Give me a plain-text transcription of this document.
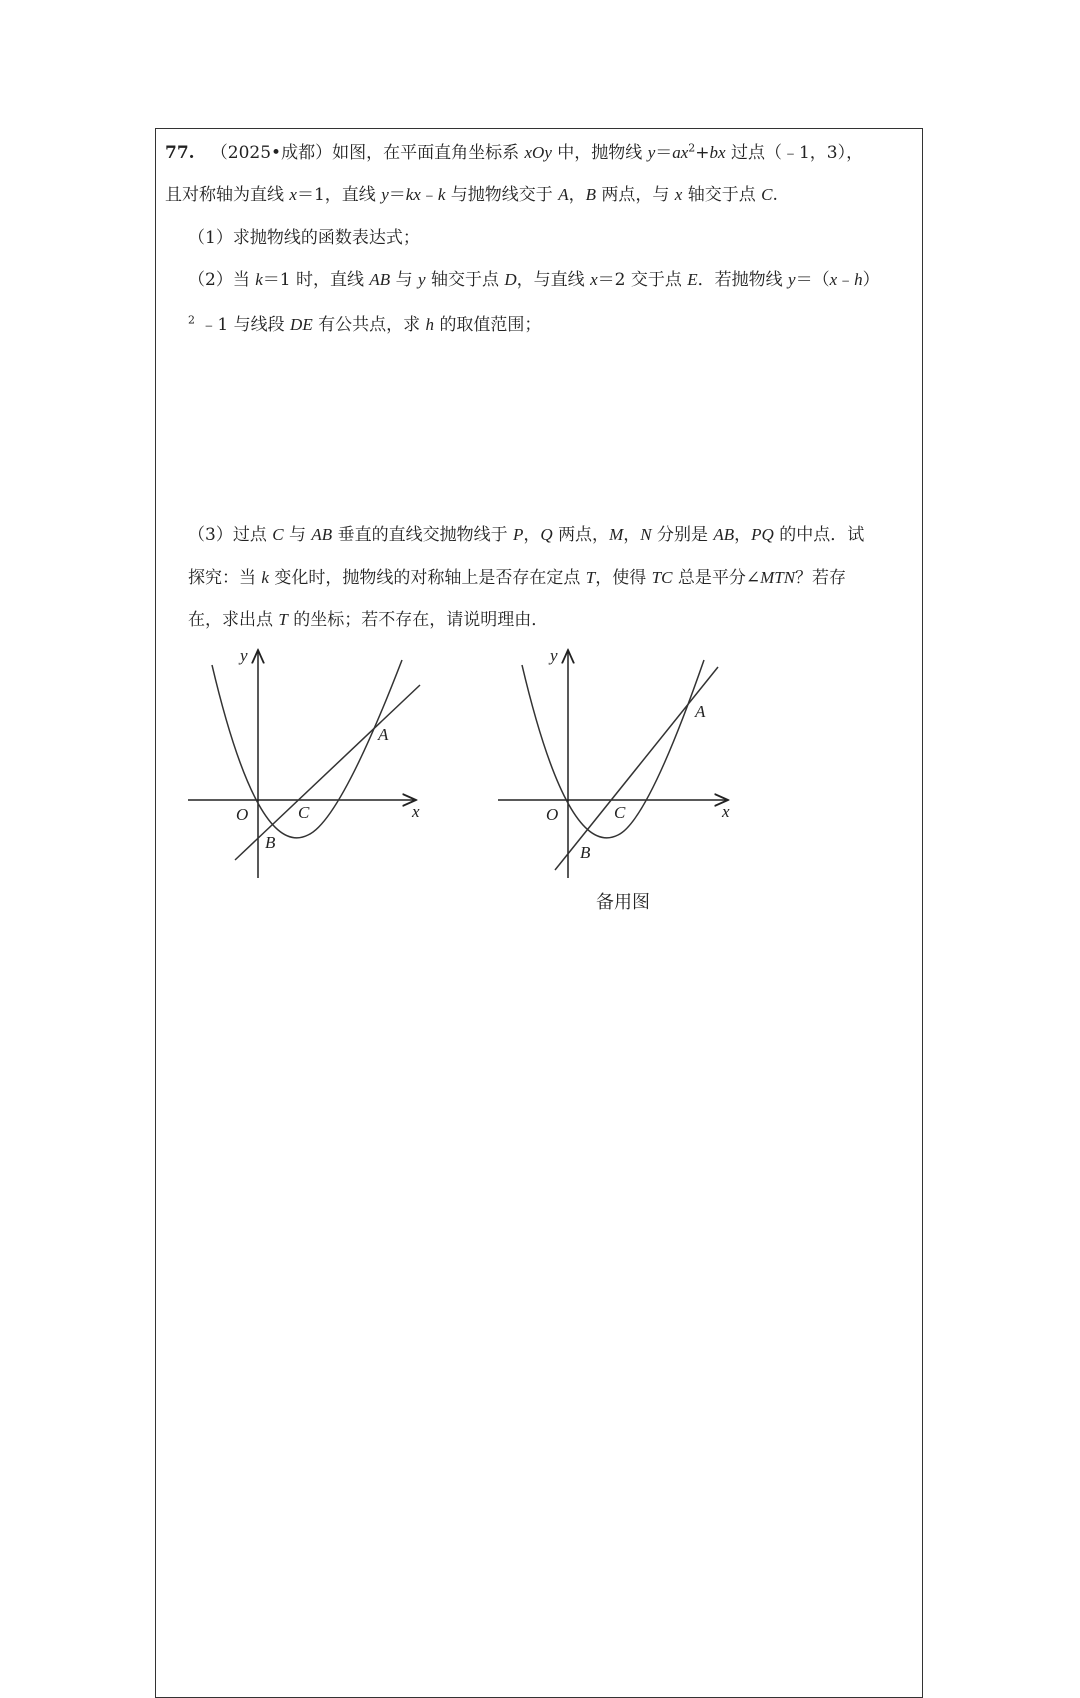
77. （2025•成都）如图，在平面直角坐标系 xOy 中，抛物线 $y=ax^2+bx$ 过点（﹣1，3），
且对称轴为直线 x＝1，直线 y＝kx﹣k 与抛物线交于 A，B 两点，与 x 轴交于点 C.
（1）求抛物线的函数表达式；
（2）当 k＝1 时，直线 AB 与 y 轴交于点 D，与直线 x＝2 交于点 E．若抛物线 y＝（x﹣h）
$^2$ ﹣1 与线段 DE 有公共点，求 h 的取值范围；
（3）过点 C 与 AB 垂直的直线交抛物线于 P，Q 两点，M，N 分别是 AB，PQ 的中点．试
探究：当 k 变化时，抛物线的对称轴上是否存在定点 T，使得 TC 总是平分∠MTN？若存
在，求出点 T 的坐标；若不存在，请说明理由．
y
x
O	C
A
B
y
x
O	C
A
B
备用图
